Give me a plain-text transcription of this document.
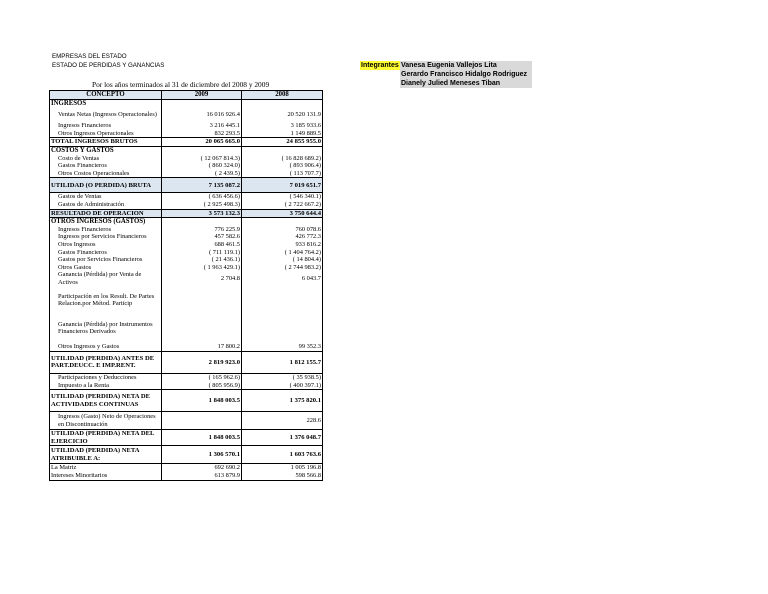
EMPRESAS DEL ESTADO
ESTADO DE PERDIDAS Y GANANCIAS
Por los años terminados al 31 de diciembre del 2008 y 2009
Integrantes Vanesa Eugenia Vallejos Lita
Gerardo Francisco Hidalgo Rodriguez
Dianely Julied Meneses Tiban
CONCEPTO	2009	2008
INGRESOS		
Ventas Netas (Ingresos Operacionales)	16 016 926.4	20 520 131.9
Ingresos Financieros	3 216 445.1	3 185 933.6
Otros Ingresos Operacionales	832 293.5	1 149 889.5
TOTAL INGRESOS BRUTOS	20 065 665.0	24 855 955.0
COSTOS Y GASTOS		
Costo de Ventas	( 12 067 814.3)	( 16 828 689.2)
Gastos Financieros	( 860 324.0)	( 893 906.4)
Otros Costos Operacionales	( 2 439.5)	( 113 707.7)
UTILIDAD (O PERDIDA) BRUTA	7 135 087.2	7 019 651.7
Gastos de Ventas	( 636 456.6)	( 546 340.1)
Gastos de Administración	( 2 925 498.3)	( 2 722 667.2)
RESULTADO DE OPERACION	3 573 132.3	3 750 644.4
OTROS INGRESOS (GASTOS)		
Ingresos Financieros	776 225.9	760 078.6
Ingresos por Servicios Financieros	457 582.6	426 772.3
Otros Ingresos	688 461.5	933 816.2
Gastos Financieros	( 711 119.1)	( 1 404 764.2)
Gastos por Servicios Financieros	( 21 436.1)	( 14 804.4)
Otros Gastos	( 1 963 429.1)	( 2 744 983.2)
Ganancia (Pérdida) por Venta de Activos	2 704.8	6 043.7
Participación en los Result. De Partes Relacion.por Métod. Particip		
Ganancia (Pérdida) por Instrumentos Financieros Derivados		
Otros Ingresos y Gastos	17 800.2	99 352.3
UTILIDAD (PERDIDA) ANTES DE PART.DEUCC. E IMP.RENT.	2 819 923.0	1 812 155.7
Participaciones y Deducciones	( 165 962.6)	( 35 938.5)
Impuesto a la Renta	( 805 956.9)	( 400 397.1)
UTILIDAD (PERDIDA) NETA DE ACTIVIDADES CONTINUAS	1 848 003.5	1 375 820.1
Ingresos (Gasto) Neto de Operaciones en Discontinuación		228.6
UTILIDAD (PERDIDA) NETA DEL EJERCICIO	1 848 003.5	1 376 048.7
UTILIDAD (PERDIDA) NETA ATRIBUIBLE A:	1 306 570.1	1 603 763.6
La Matriz	692 690.2	1 005 196.8
Intereses Minoritarios	613 879.9	598 566.8
